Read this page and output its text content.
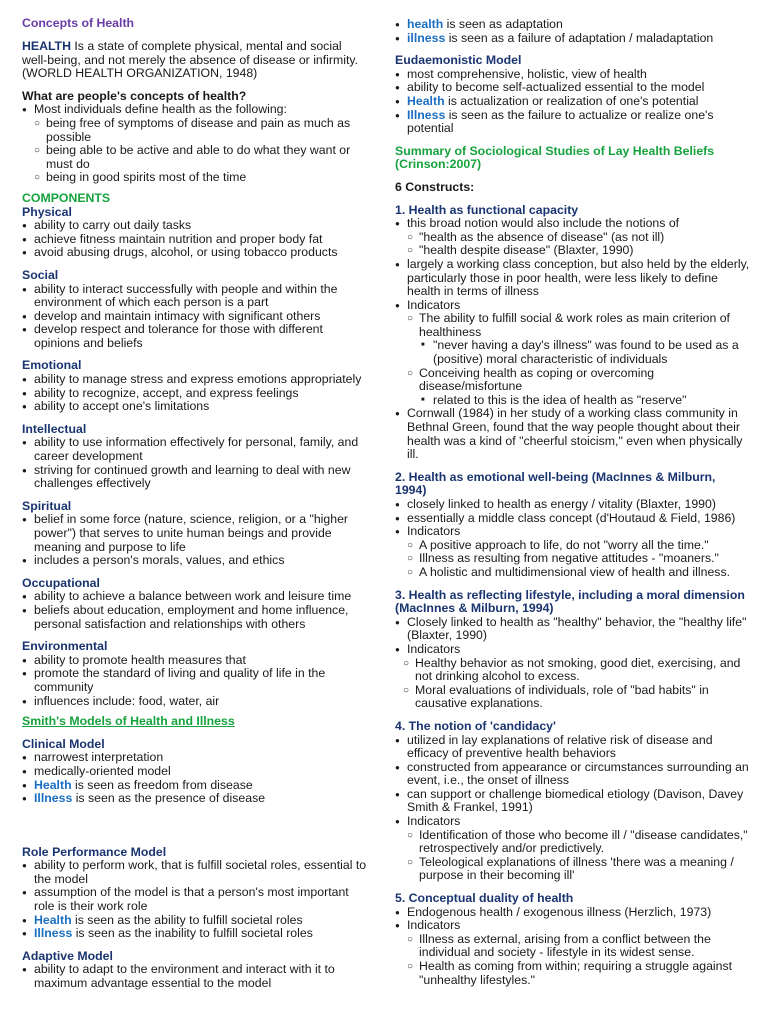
Concepts of Health
HEALTH Is a state of complete physical, mental and social well-being, and not merely the absence of disease or infirmity. (WORLD HEALTH ORGANIZATION, 1948)
What are people's concepts of health?
● Most individuals define health as the following:
○ being free of symptoms of disease and pain as much as possible
○ being able to be active and able to do what they want or must do
○ being in good spirits most of the time
COMPONENTS
Physical
● ability to carry out daily tasks
● achieve fitness maintain nutrition and proper body fat
● avoid abusing drugs, alcohol, or using tobacco products
Social
● ability to interact successfully with people and within the environment of which each person is a part
● develop and maintain intimacy with significant others
● develop respect and tolerance for those with different opinions and beliefs
Emotional
● ability to manage stress and express emotions appropriately
● ability to recognize, accept, and express feelings
● ability to accept one's limitations
Intellectual
● ability to use information effectively for personal, family, and career development
● striving for continued growth and learning to deal with new challenges effectively
Spiritual
● belief in some force (nature, science, religion, or a "higher power") that serves to unite human beings and provide meaning and purpose to life
● includes a person's morals, values, and ethics
Occupational
● ability to achieve a balance between work and leisure time
● beliefs about education, employment and home influence, personal satisfaction and relationships with others
Environmental
● ability to promote health measures that
● promote the standard of living and quality of life in the community
● influences include: food, water, air
Smith's Models of Health and Illness
Clinical Model
● narrowest interpretation
● medically-oriented model
● Health is seen as freedom from disease
● Illness is seen as the presence of disease
Role Performance Model
● ability to perform work, that is fulfill societal roles, essential to the model
● assumption of the model is that a person's most important role is their work role
● Health is seen as the ability to fulfill societal roles
● Illness is seen as the inability to fulfill societal roles
Adaptive Model
● ability to adapt to the environment and interact with it to maximum advantage essential to the model
● health is seen as adaptation
● illness is seen as a failure of adaptation / maladaptation
Eudaemonistic Model
● most comprehensive, holistic, view of health
● ability to become self-actualized essential to the model
● Health is actualization or realization of one's potential
● Illness is seen as the failure to actualize or realize one's potential
Summary of Sociological Studies of Lay Health Beliefs (Crinson:2007)
6 Constructs:
1. Health as functional capacity
● this broad notion would also include the notions of
○ "health as the absence of disease" (as not ill)
○ "health despite disease" (Blaxter, 1990)
● largely a working class conception, but also held by the elderly, particularly those in poor health, were less likely to define health in terms of illness
● Indicators
○ The ability to fulfill social & work roles as main criterion of healthiness
■ "never having a day's illness" was found to be used as a (positive) moral characteristic of individuals
○ Conceiving health as coping or overcoming disease/misfortune
■ related to this is the idea of health as "reserve"
● Cornwall (1984) in her study of a working class community in Bethnal Green, found that the way people thought about their health was a kind of "cheerful stoicism," even when physically ill.
2. Health as emotional well-being (MacInnes & Milburn, 1994)
● closely linked to health as energy / vitality (Blaxter, 1990)
● essentially a middle class concept (d'Houtaud & Field, 1986)
● Indicators
○ A positive approach to life, do not "worry all the time."
○ Illness as resulting from negative attitudes - "moaners."
○ A holistic and multidimensional view of health and illness.
3. Health as reflecting lifestyle, including a moral dimension (MacInnes & Milburn, 1994)
● Closely linked to health as "healthy" behavior, the "healthy life" (Blaxter, 1990)
● Indicators
○ Healthy behavior as not smoking, good diet, exercising, and not drinking alcohol to excess.
○ Moral evaluations of individuals, role of "bad habits" in causative explanations.
4. The notion of 'candidacy'
● utilized in lay explanations of relative risk of disease and efficacy of preventive health behaviors
● constructed from appearance or circumstances surrounding an event, i.e., the onset of illness
● can support or challenge biomedical etiology (Davison, Davey Smith & Frankel, 1991)
● Indicators
○ Identification of those who become ill / "disease candidates," retrospectively and/or predictively.
○ Teleological explanations of illness 'there was a meaning / purpose in their becoming ill'
5. Conceptual duality of health
● Endogenous health / exogenous illness (Herzlich, 1973)
● Indicators
○ Illness as external, arising from a conflict between the individual and society - lifestyle in its widest sense.
○ Health as coming from within; requiring a struggle against "unhealthy lifestyles."
